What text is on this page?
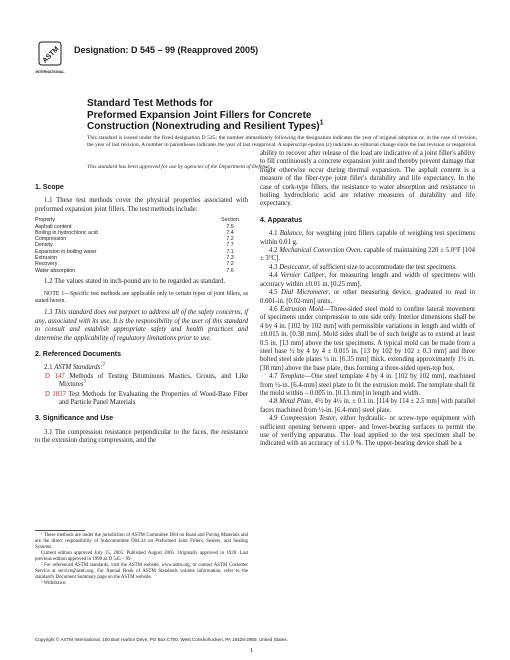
ASTM
INTERNATIONAL
Designation: D 545 – 99 (Reapproved 2005)
Standard Test Methods for
Preformed Expansion Joint Fillers for Concrete
Construction (Nonextruding and Resilient Types)$^1$
This standard is issued under the fixed designation D 545; the number immediately following the designation indicates the year of original adoption or, in the case of revision, the year of last revision. A number in parentheses indicates the year of last reapproval. A superscript epsilon (ε) indicates an editorial change since the last revision or reapproval.
This standard has been approved for use by agencies of the Department of Defense.
1. Scope

1.1 These test methods cover the physical properties associated with preformed expansion joint fillers. The test methods include:

Property	Section
Asphalt content	7.5
Boiling in hydrochloric acid	7.4
Compression	7.2
Density	7.7
Expansion in boiling water	7.1
Extrusion	7.3
Recovery	7.2
Water absorption	7.6

1.2 The values stated in inch-pound are to be regarded as standard.

NOTE 1—Specific test methods are applicable only to certain types of joint fillers, as stated herein.

1.3 This standard does not purport to address all of the safety concerns, if any, associated with its use. It is the responsibility of the user of this standard to consult and establish appropriate safety and health practices and determine the applicability of regulatory limitations prior to use.

2. Referenced Documents

2.1 ASTM Standards:$^2$

D 147 Methods of Testing Bituminous Mastics, Grouts, and Like Mixtures$^3$
D 1037 Test Methods for Evaluating the Properties of Wood-Base Fiber and Particle Panel Materials
3. Significance and Use

3.1 The compression resistance perpendicular to the faces, the resistance to the extrusion during compression, and the

¹ These methods are under the jurisdiction of ASTM Committee D04 on Road and Paving Materials and are the direct responsibility of Subcommittee D04.34 on Preformed Joint Fillers, Sealers, and Sealing Systems.

Current edition approved July 15, 2005. Published August 2005. Originally approved in 1939. Last previous edition approved in 1999 as D 545 – 99.

² For referenced ASTM standards, visit the ASTM website, www.astm.org, or contact ASTM Customer Service at service@astm.org. For Annual Book of ASTM Standards volume information, refer to the standard's Document Summary page on the ASTM website.

³ Withdrawn.

ability to recover after release of the load are indicative of a joint filler's ability to fill continuously a concrete expansion joint and thereby prevent damage that might otherwise occur during thermal expansion. The asphalt content is a measure of the fiber-type joint filler's durability and life expectancy. In the case of cork-type fillers, the resistance to water absorption and resistance to boiling hydrochloric acid are relative measures of durability and life expectancy.

4. Apparatus

4.1 Balance, for weighing joint fillers capable of weighing test specimens within 0.01 g.

4.2 Mechanical Convection Oven, capable of maintaining 220 ± 5.0°F [104 ± 3°C].

4.3 Desiccator, of sufficient size to accommodate the test specimens.

4.4 Vernier Caliper, for measuring length and width of specimens with accuracy within ±0.01 in. [0.25 mm].

4.5 Dial Micrometer, or other measuring device, graduated to read in 0.001-in. [0.02-mm] units.

4.6 Extrusion Mold—Three-sided steel mold to confine lateral movement of specimens under compression to one side only. Interior dimensions shall be 4 by 4 in. [102 by 102 mm] with permissible variations in length and width of ±0.015 in. [0.38 mm]. Mold sides shall be of such height as to extend at least 0.5 in. [13 mm] above the test specimens. A typical mold can be made from a steel base ½ by 4 by 4 ± 0.015 in. [13 by 102 by 102 ± 0.3 mm] and three bolted steel side plates ¼ in. [6.35 mm] thick, extending approximately 1½ in. [38 mm] above the base plate, thus forming a three-sided open-top box.

4.7 Template—One steel template 4 by 4 in. [102 by 102 mm], machined from ½-in. [6.4-mm] steel plate to fit the extrusion mold. The template shall fit the mold within – 0.005 in. [0.13 mm] in length and width.

4.8 Metal Plate, 4½ by 4½ in. ± 0.1 in. [114 by 114 ± 2.5 mm] with parallel faces machined from ½-in. [6.4-mm] steel plate.

4.9 Compression Tester, either hydraulic- or screw-type equipment with sufficient opening between upper- and lower-bearing surfaces to permit the use of verifying apparatus. The load applied to the test specimen shall be indicated with an accuracy of ±1.0 %. The upper-bearing device shall be a

Copyright © ASTM International, 100 Barr Harbor Drive, PO Box C700, West Conshohocken, PA 19428-2959, United States.
1
